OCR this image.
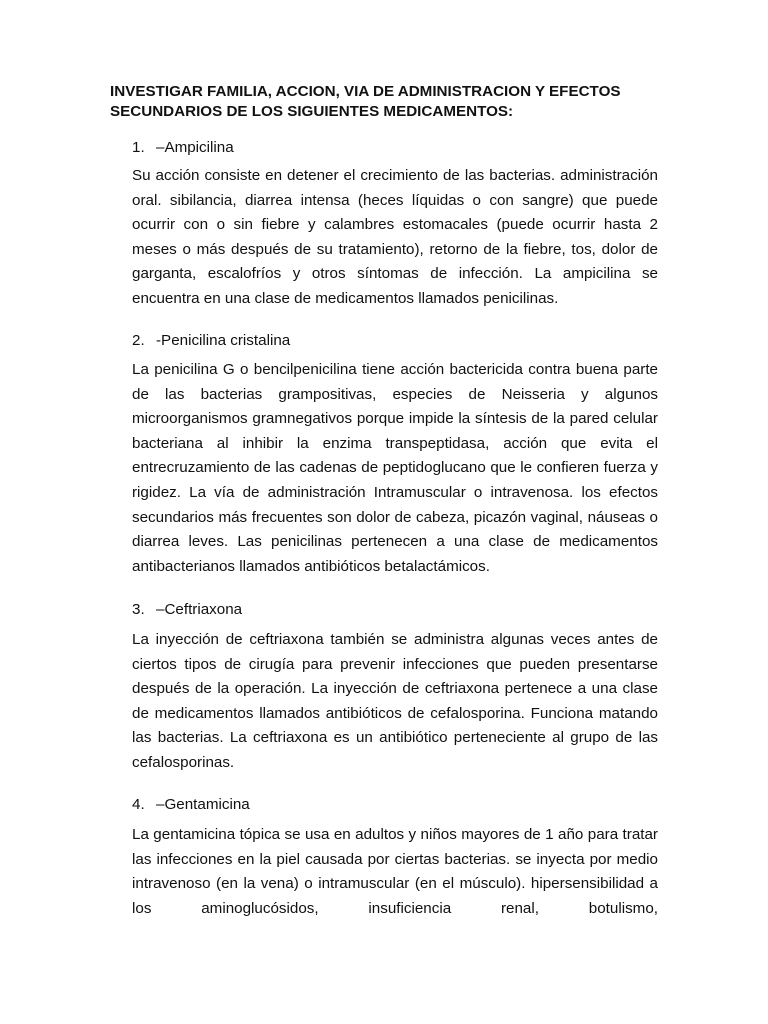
INVESTIGAR FAMILIA, ACCION, VIA DE ADMINISTRACION Y EFECTOS SECUNDARIOS DE LOS SIGUIENTES MEDICAMENTOS:

1. –Ampicilina

Su acción consiste en detener el crecimiento de las bacterias. administración oral. sibilancia, diarrea intensa (heces líquidas o con sangre) que puede ocurrir con o sin fiebre y calambres estomacales (puede ocurrir hasta 2 meses o más después de su tratamiento), retorno de la fiebre, tos, dolor de garganta, escalofríos y otros síntomas de infección. La ampicilina se encuentra en una clase de medicamentos llamados penicilinas.

2. -Penicilina cristalina

La penicilina G o bencilpenicilina tiene acción bactericida contra buena parte de las bacterias grampositivas, especies de Neisseria y algunos microorganismos gramnegativos porque impide la síntesis de la pared celular bacteriana al inhibir la enzima transpeptidasa, acción que evita el entrecruzamiento de las cadenas de peptidoglucano que le confieren fuerza y rigidez. La vía de administración Intramuscular o intravenosa. los efectos secundarios más frecuentes son dolor de cabeza, picazón vaginal, náuseas o diarrea leves. Las penicilinas pertenecen a una clase de medicamentos antibacterianos llamados antibióticos betalactámicos.

3. –Ceftriaxona

La inyección de ceftriaxona también se administra algunas veces antes de ciertos tipos de cirugía para prevenir infecciones que pueden presentarse después de la operación. La inyección de ceftriaxona pertenece a una clase de medicamentos llamados antibióticos de cefalosporina. Funciona matando las bacterias. La ceftriaxona es un antibiótico perteneciente al grupo de las cefalosporinas.

4. –Gentamicina

La gentamicina tópica se usa en adultos y niños mayores de 1 año para tratar las infecciones en la piel causada por ciertas bacterias. se inyecta por medio intravenoso (en la vena) o intramuscular (en el músculo). hipersensibilidad a los aminoglucósidos, insuficiencia renal, botulismo,
